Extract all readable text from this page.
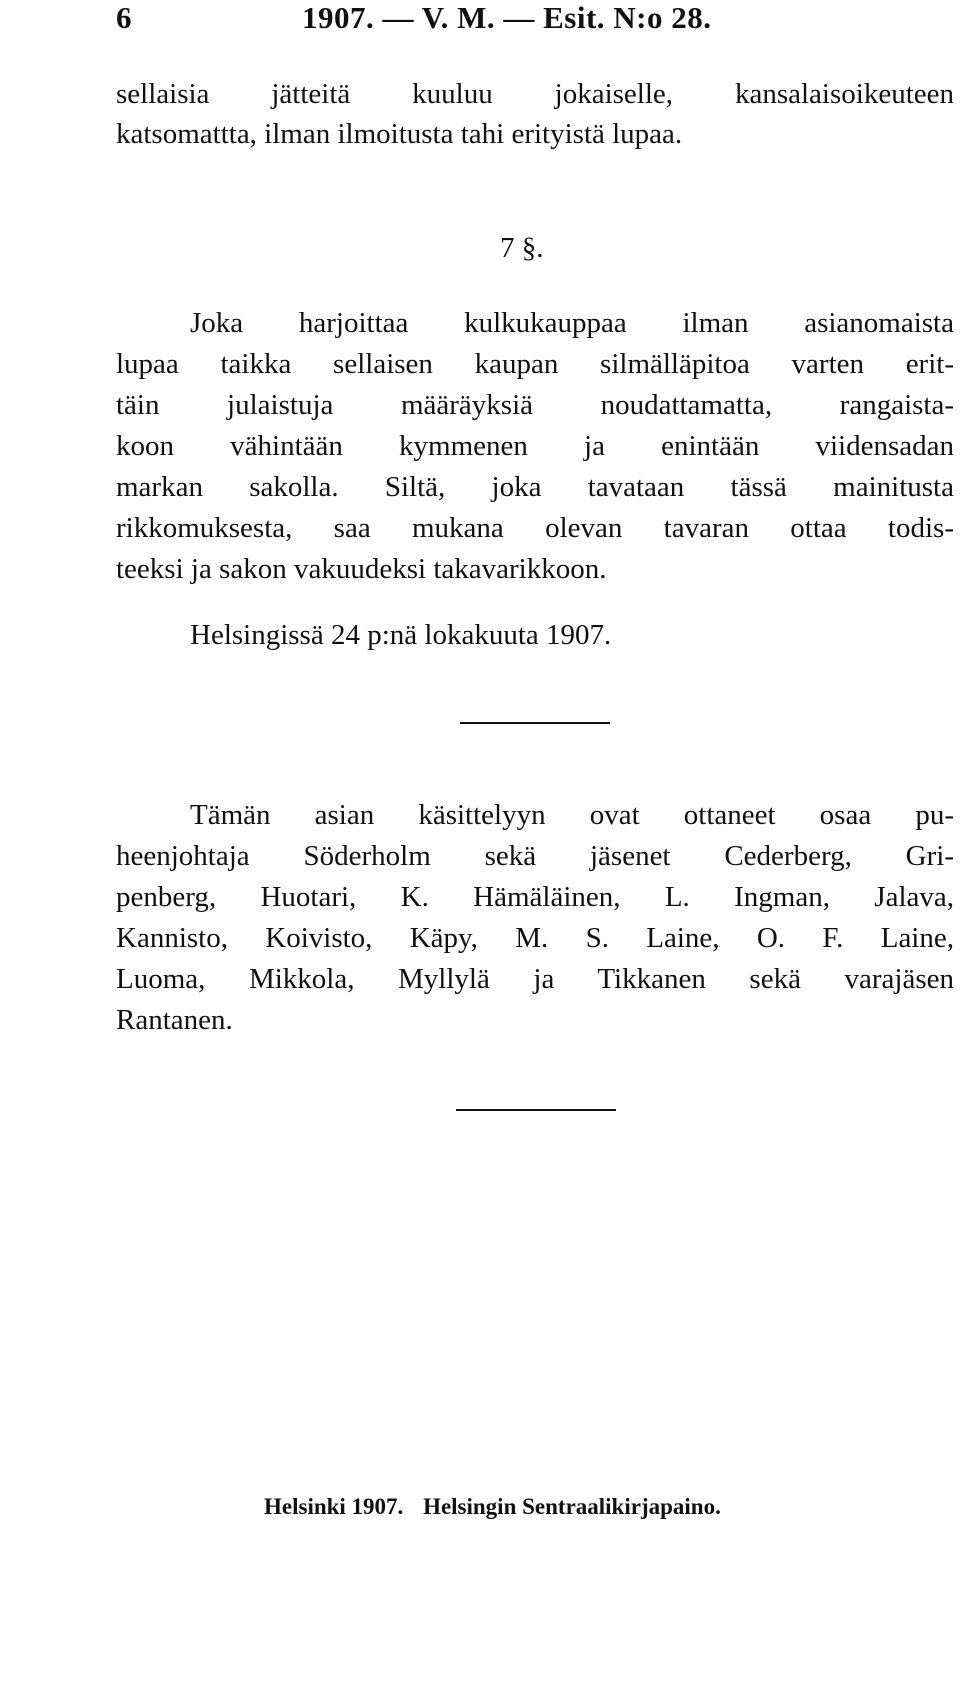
6	1907. — V. M. — Esit. N:o 28.
sellaisia jätteitä kuuluu jokaiselle, kansalaisoikeuteen
katsomattta, ilman ilmoitusta tahi erityistä lupaa.
7 §.
Joka harjoittaa kulkukauppaa ilman asianomaista
lupaa taikka sellaisen kaupan silmälläpitoa varten erit-
täin julaistuja määräyksiä noudattamatta, rangaista-
koon vähintään kymmenen ja enintään viidensadan
markan sakolla. Siltä, joka tavataan tässä mainitusta
rikkomuksesta, saa mukana olevan tavaran ottaa todis-
teeksi ja sakon vakuudeksi takavarikkoon.
Helsingissä 24 p:nä lokakuuta 1907.
Tämän asian käsittelyyn ovat ottaneet osaa pu-
heenjohtaja Söderholm sekä jäsenet Cederberg, Gri-
penberg, Huotari, K. Hämäläinen, L. Ingman, Jalava,
Kannisto, Koivisto, Käpy, M. S. Laine, O. F. Laine,
Luoma, Mikkola, Myllylä ja Tikkanen sekä varajäsen
Rantanen.
Helsinki 1907. Helsingin Sentraalikirjapaino.
